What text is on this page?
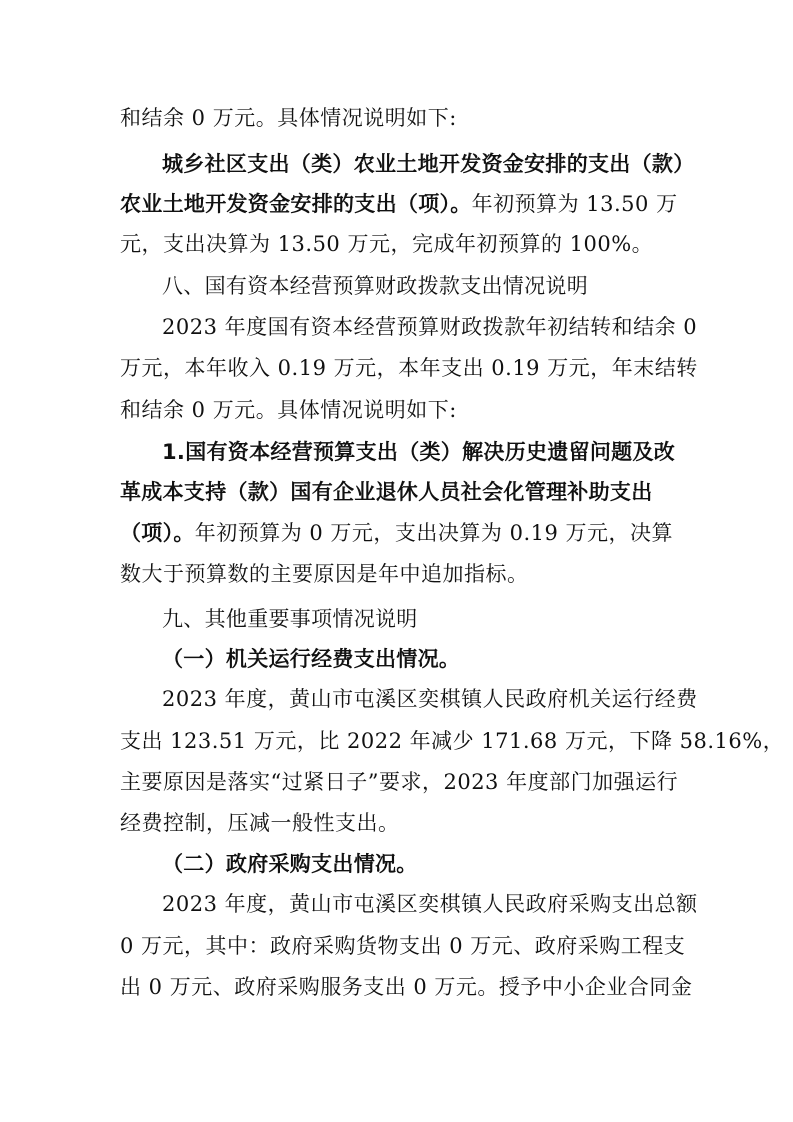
和结余 0 万元。具体情况说明如下:
城乡社区支出（类）农业土地开发资金安排的支出（款）
农业土地开发资金安排的支出（项）。年初预算为 13.50 万
元，支出决算为 13.50 万元，完成年初预算的 100%。
八、国有资本经营预算财政拨款支出情况说明
2023 年度国有资本经营预算财政拨款年初结转和结余 0
万元，本年收入 0.19 万元，本年支出 0.19 万元，年末结转
和结余 0 万元。具体情况说明如下:
1.国有资本经营预算支出（类）解决历史遗留问题及改
革成本支持（款）国有企业退休人员社会化管理补助支出
（项）。年初预算为 0 万元，支出决算为 0.19 万元，决算
数大于预算数的主要原因是年中追加指标。
九、其他重要事项情况说明
（一）机关运行经费支出情况。
2023 年度，黄山市屯溪区奕棋镇人民政府机关运行经费
支出 123.51 万元，比 2022 年减少 171.68 万元，下降 58.16%，
主要原因是落实“过紧日子”要求，2023 年度部门加强运行
经费控制，压减一般性支出。
（二）政府采购支出情况。
2023 年度，黄山市屯溪区奕棋镇人民政府采购支出总额
0 万元，其中：政府采购货物支出 0 万元、政府采购工程支
出 0 万元、政府采购服务支出 0 万元。授予中小企业合同金
